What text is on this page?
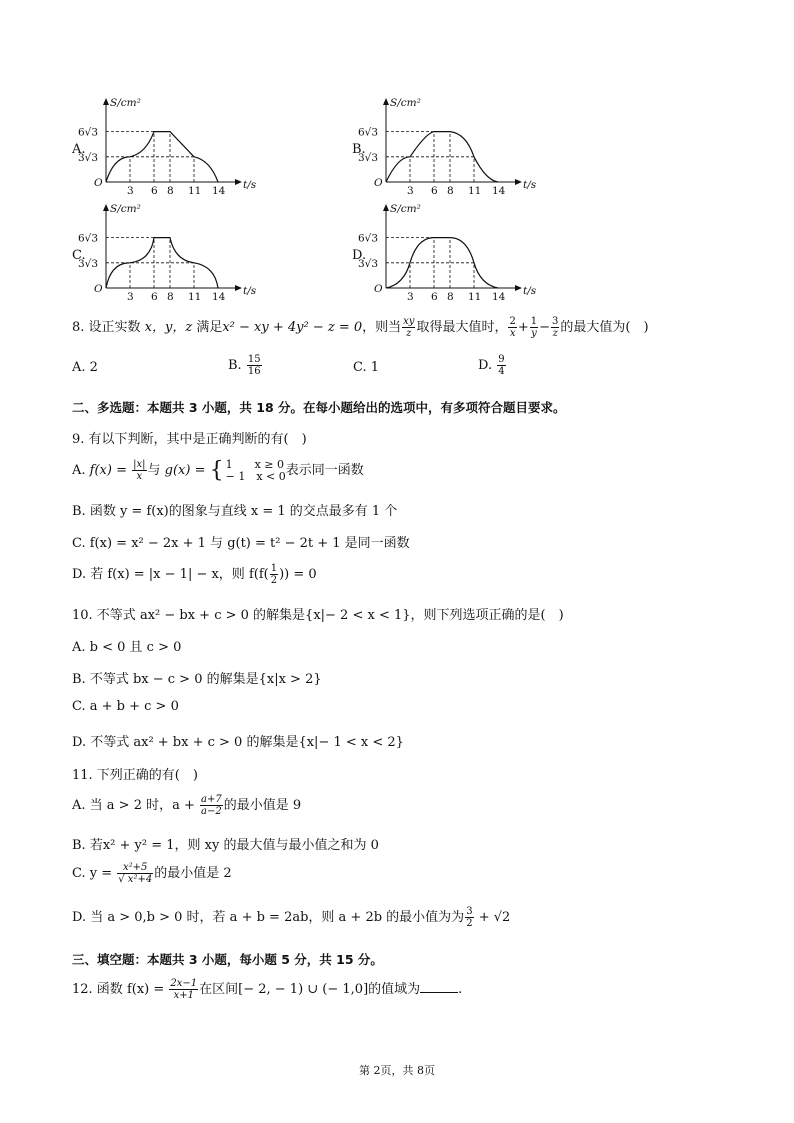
A.
S/cm²
t/s
O
6√3
3√3
3 6 8 11 14
B.
S/cm²
t/s
O
6√3
3√3
3 6 8 11 14
C.
S/cm²
t/s
O
6√3
3√3
3 6 8 11 14
D.
S/cm²
t/s
O
6√3
3√3
3 6 8 11 14
8. 设正实数 x，y，z 满足x² − xy + 4y² − z = 0，则当 $\frac{xy}{z}$ 取得最大值时， $\frac{2}{x} + \frac{1}{y} - \frac{3}{z}$ 的最大值为(　)
A. 2	B. $\frac{15}{16}$	C. 1	D. $\frac{9}{4}$
二、多选题：本题共 3 小题，共 18 分。在每小题给出的选项中，有多项符合题目要求。
9. 有以下判断，其中是正确判断的有(　)
A. $f(x) = \frac{|x|}{x}$ 与 g(x) = { 1　　x ≥ 0
− 1　x < 0 表示同一函数
B. 函数 y = f(x)的图象与直线 x = 1 的交点最多有 1 个
C. f(x) = x² − 2x + 1 与 g(t) = t² − 2t + 1 是同一函数
D. 若 f(x) = |x − 1| − x，则 $f(f( \frac{1}{2}$ )) = 0
10. 不等式 ax² − bx + c > 0 的解集是{x|− 2 < x < 1}，则下列选项正确的是(　)
A. b < 0 且 c > 0
B. 不等式 bx − c > 0 的解集是{x|x > 2}
C. a + b + c > 0
D. 不等式 ax² + bx + c > 0 的解集是{x|− 1 < x < 2}
11. 下列正确的有(　)
A. 当 a > 2 时，$a + \frac{a+7}{a-2}$ 的最小值是 9
B. 若x² + y² = 1，则 xy 的最大值与最小值之和为 0
C. $y = \frac{\text{x²+5}}{\text{√ x²+4}}$ 的最小值是 2
D. 当 a > 0,b > 0 时，若 a + b = 2ab，则 a + 2b 的最小值为为 $\frac{3}{2} + √2$
三、填空题：本题共 3 小题，每小题 5 分，共 15 分。
12. 函数 $f(x) = \frac{2x-1}{x+1}$ 在区间[− 2, − 1) ∪ (− 1,0]的值域为	.
第 2页，共 8页
